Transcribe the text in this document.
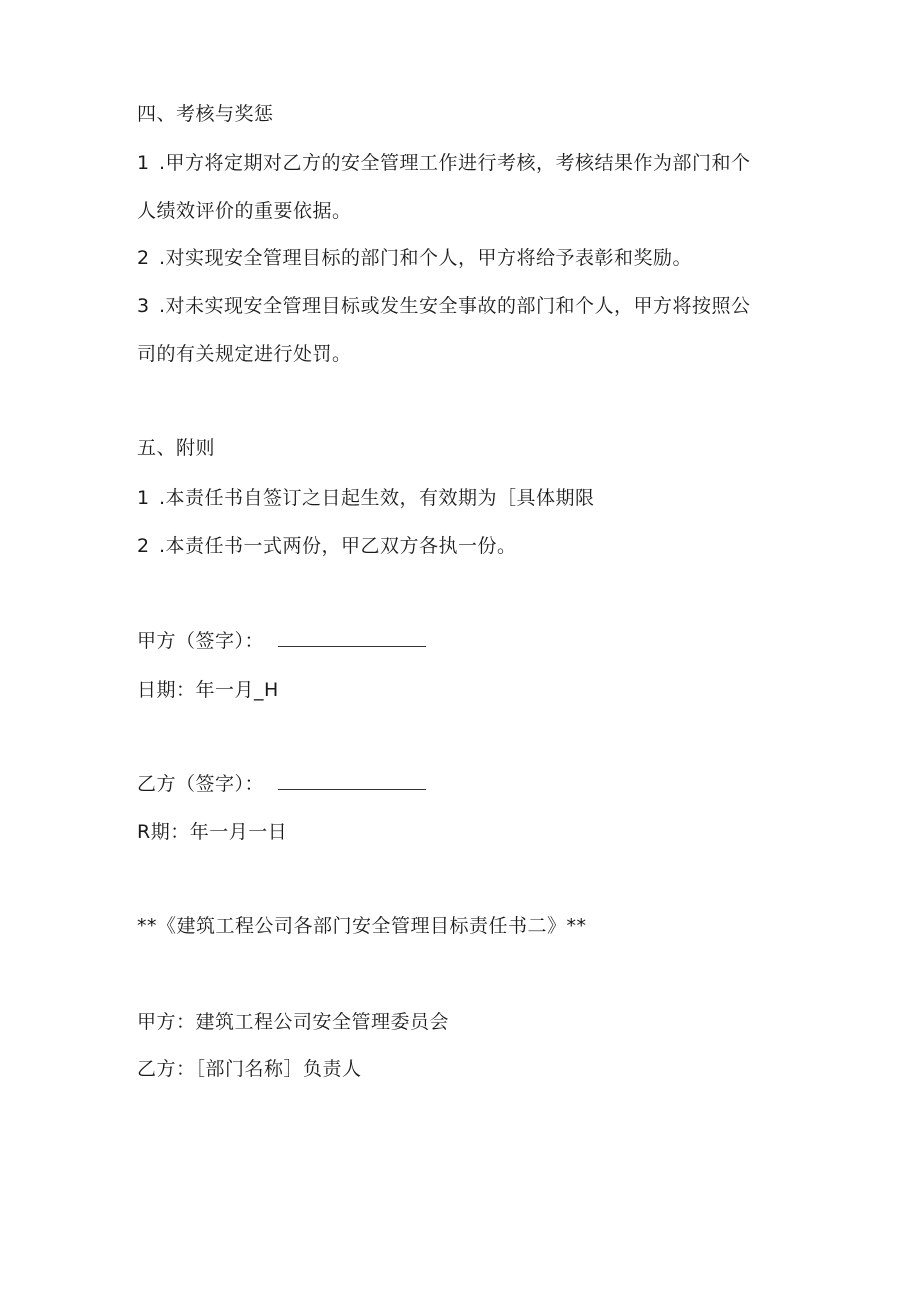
四、考核与奖惩
1 .甲方将定期对乙方的安全管理工作进行考核，考核结果作为部门和个
人绩效评价的重要依据。
2 .对实现安全管理目标的部门和个人，甲方将给予表彰和奖励。
3 .对未实现安全管理目标或发生安全事故的部门和个人，甲方将按照公
司的有关规定进行处罚。
五、附则
1 .本责任书自签订之日起生效，有效期为［具体期限
2 .本责任书一式两份，甲乙双方各执一份。
甲方（签字）：
日期：年一月_H
乙方（签字）：
R期：年一月一日
**《建筑工程公司各部门安全管理目标责任书二》**
甲方：建筑工程公司安全管理委员会
乙方：［部门名称］负责人
